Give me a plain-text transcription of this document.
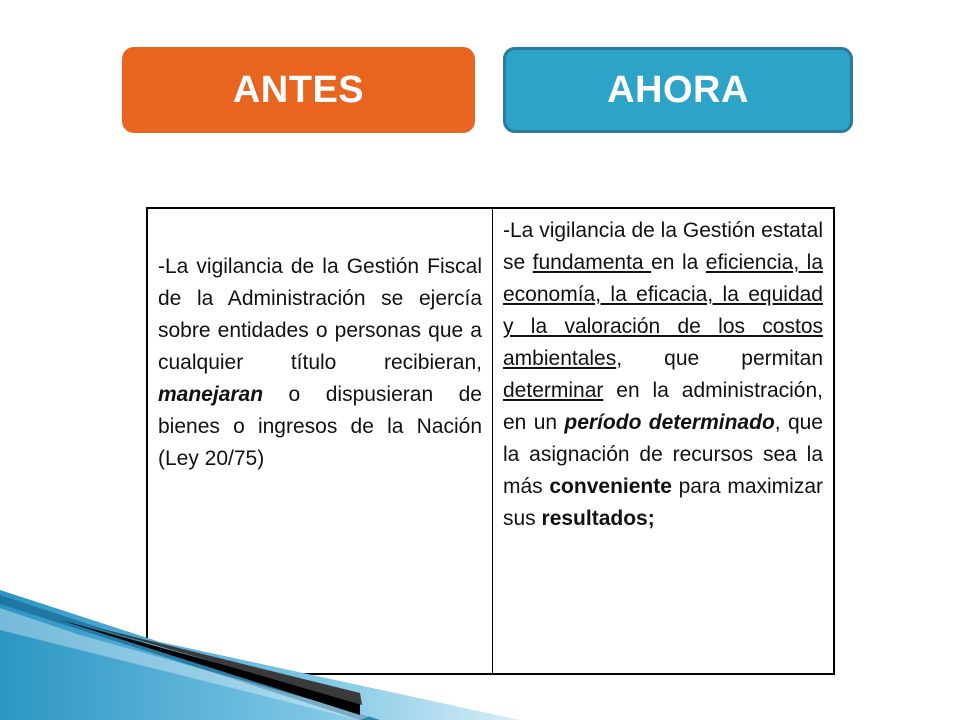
ANTES	AHORA
-La vigilancia de la Gestión Fiscal de la Administración se ejercía sobre entidades o personas que a cualquier título recibieran, manejaran o dispusieran de bienes o ingresos de la Nación (Ley 20/75)
-La vigilancia de la Gestión estatal se fundamenta en la eficiencia, la economía, la eficacia, la equidad y la valoración de los costos ambientales, que permitan determinar en la administración, en un período determinado, que la asignación de recursos sea la más conveniente para maximizar sus resultados;
